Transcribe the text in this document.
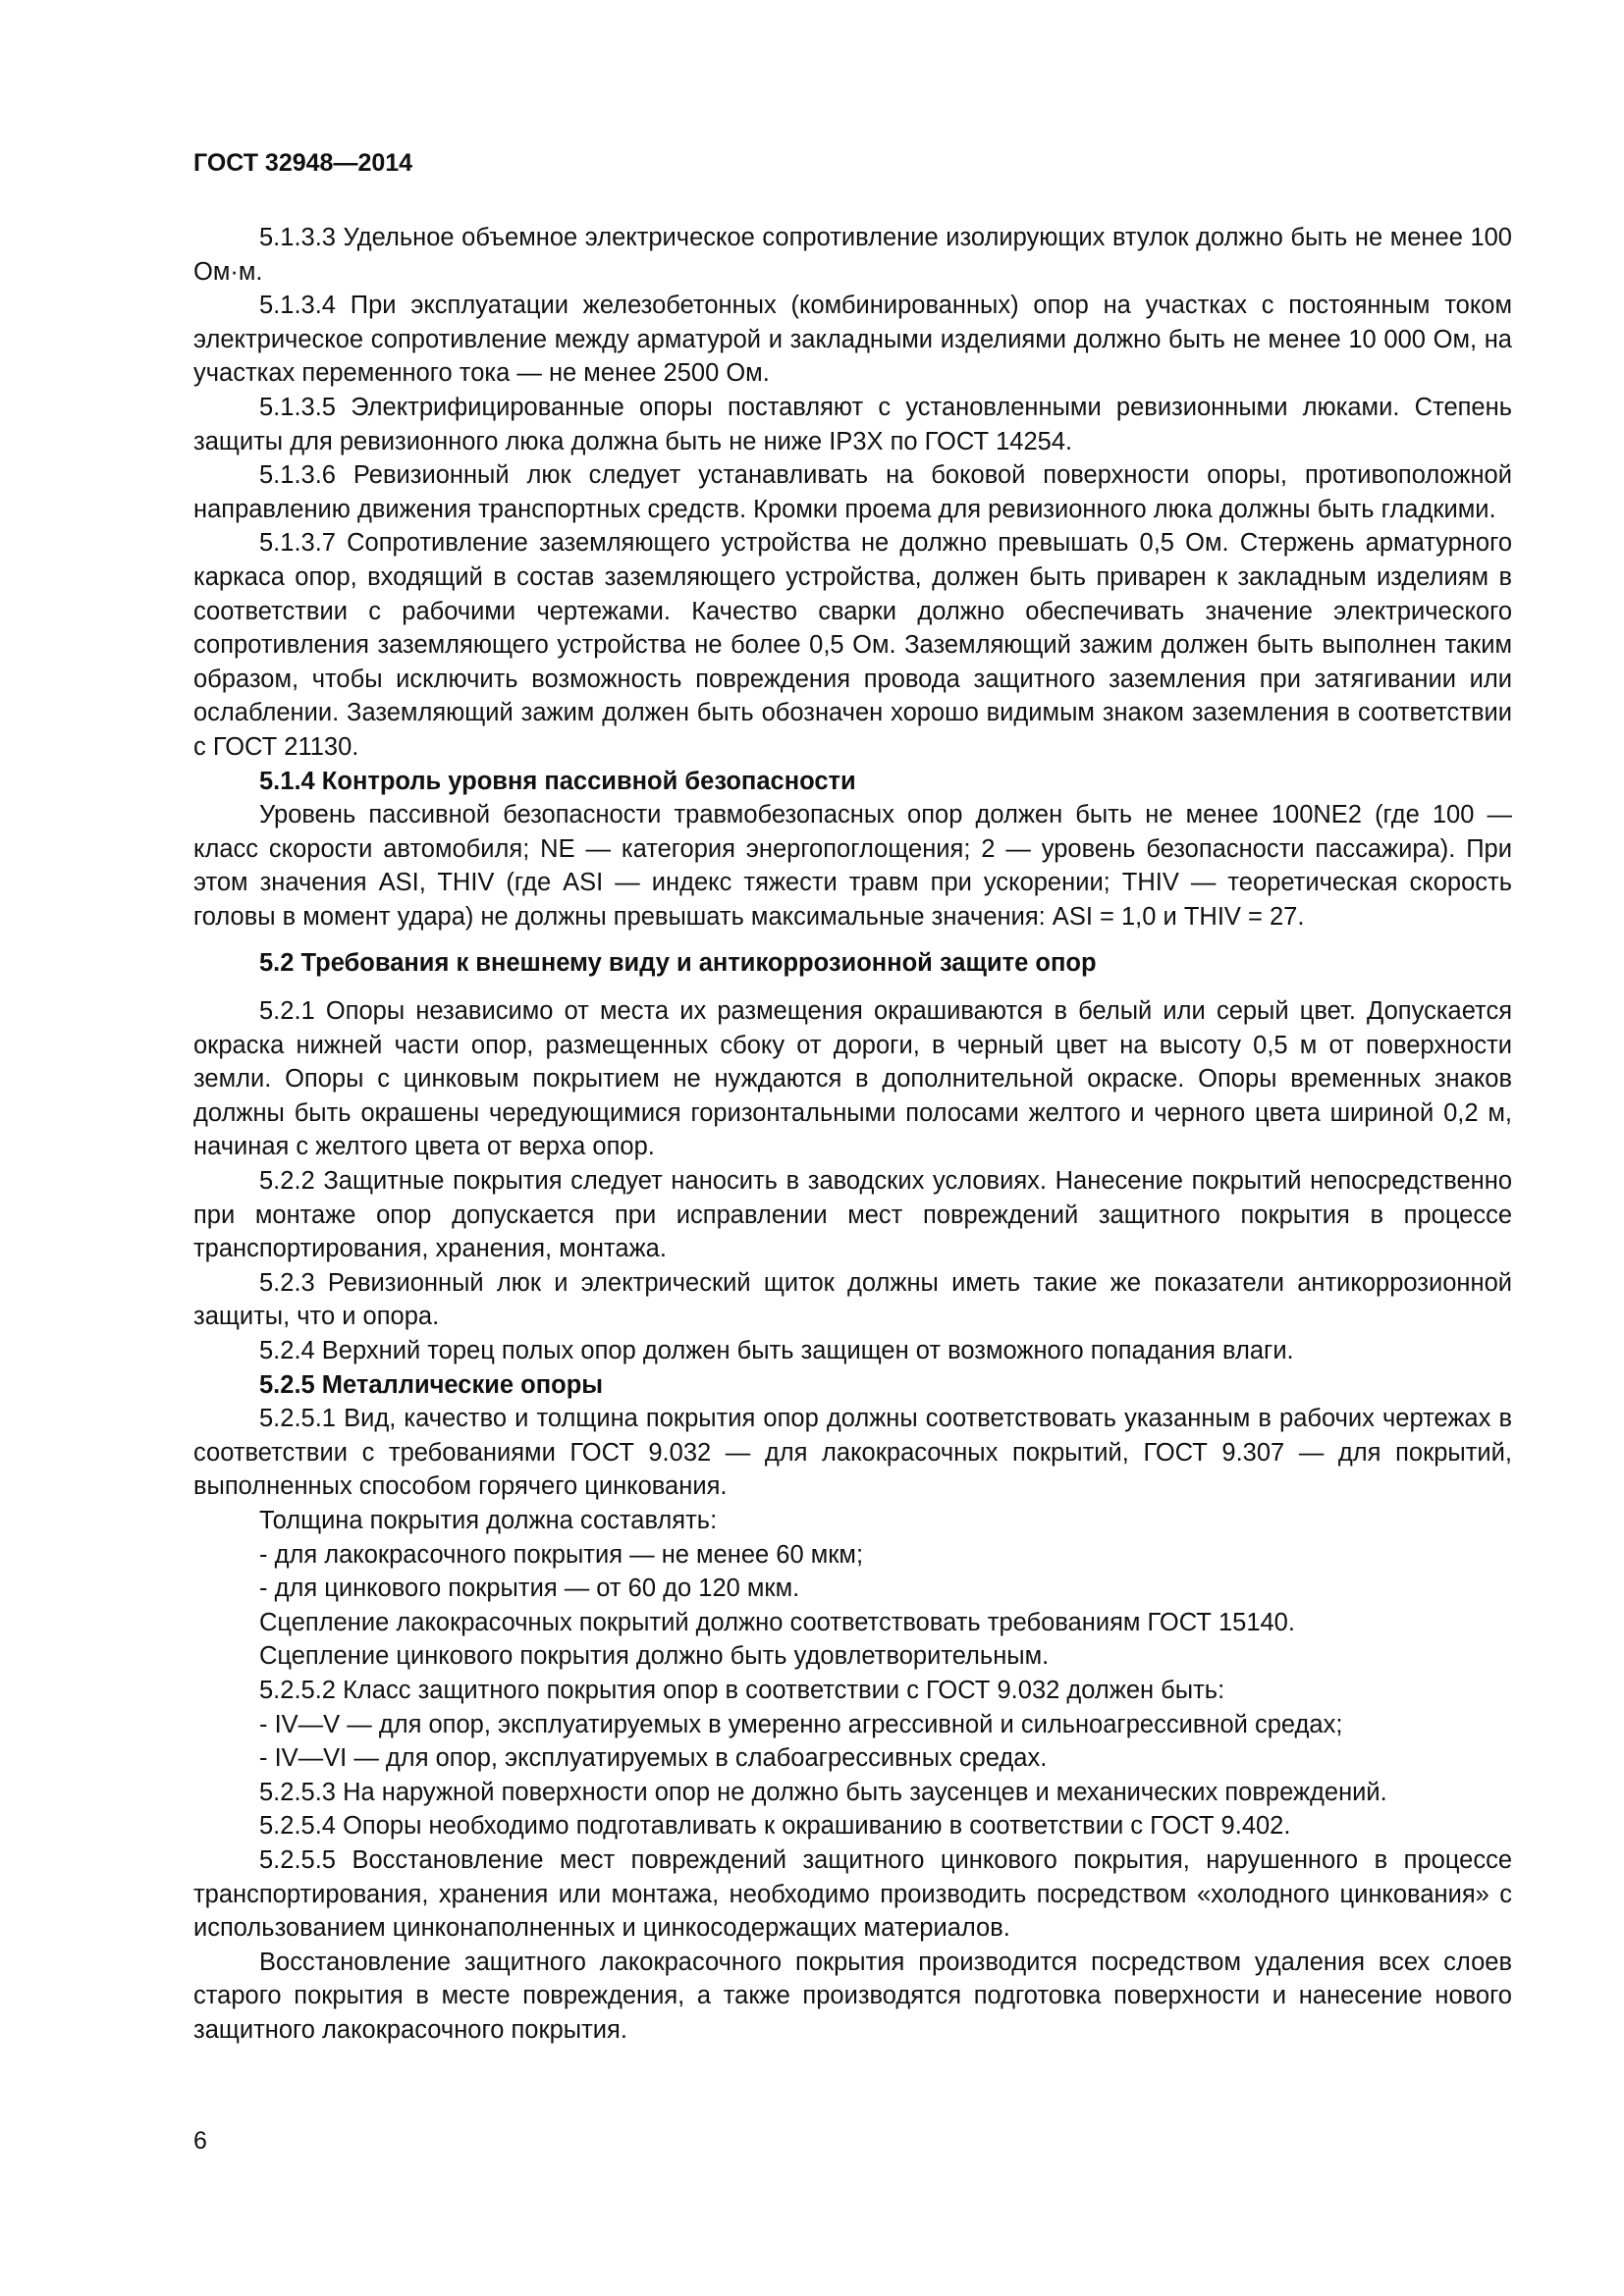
ГОСТ 32948—2014

5.1.3.3 Удельное объемное электрическое сопротивление изолирующих втулок должно быть не менее 100 Ом·м.

5.1.3.4 При эксплуатации железобетонных (комбинированных) опор на участках с постоянным током электрическое сопротивление между арматурой и закладными изделиями должно быть не менее 10 000 Ом, на участках переменного тока — не менее 2500 Ом.

5.1.3.5 Электрифицированные опоры поставляют с установленными ревизионными люками. Степень защиты для ревизионного люка должна быть не ниже IP3X по ГОСТ 14254.

5.1.3.6 Ревизионный люк следует устанавливать на боковой поверхности опоры, противоположной направлению движения транспортных средств. Кромки проема для ревизионного люка должны быть гладкими.

5.1.3.7 Сопротивление заземляющего устройства не должно превышать 0,5 Ом. Стержень арматурного каркаса опор, входящий в состав заземляющего устройства, должен быть приварен к закладным изделиям в соответствии с рабочими чертежами. Качество сварки должно обеспечивать значение электрического сопротивления заземляющего устройства не более 0,5 Ом. Заземляющий зажим должен быть выполнен таким образом, чтобы исключить возможность повреждения провода защитного заземления при затягивании или ослаблении. Заземляющий зажим должен быть обозначен хорошо видимым знаком заземления в соответствии с ГОСТ 21130.

5.1.4 Контроль уровня пассивной безопасности

Уровень пассивной безопасности травмобезопасных опор должен быть не менее 100NE2 (где 100 — класс скорости автомобиля; NE — категория энергопоглощения; 2 — уровень безопасности пассажира). При этом значения ASI, THIV (где ASI — индекс тяжести травм при ускорении; THIV — теоретическая скорость головы в момент удара) не должны превышать максимальные значения: ASI = 1,0 и THIV = 27.

5.2 Требования к внешнему виду и антикоррозионной защите опор

5.2.1 Опоры независимо от места их размещения окрашиваются в белый или серый цвет. Допускается окраска нижней части опор, размещенных сбоку от дороги, в черный цвет на высоту 0,5 м от поверхности земли. Опоры с цинковым покрытием не нуждаются в дополнительной окраске. Опоры временных знаков должны быть окрашены чередующимися горизонтальными полосами желтого и черного цвета шириной 0,2 м, начиная с желтого цвета от верха опор.

5.2.2 Защитные покрытия следует наносить в заводских условиях. Нанесение покрытий непосредственно при монтаже опор допускается при исправлении мест повреждений защитного покрытия в процессе транспортирования, хранения, монтажа.

5.2.3 Ревизионный люк и электрический щиток должны иметь такие же показатели антикоррозионной защиты, что и опора.

5.2.4 Верхний торец полых опор должен быть защищен от возможного попадания влаги.

5.2.5 Металлические опоры

5.2.5.1 Вид, качество и толщина покрытия опор должны соответствовать указанным в рабочих чертежах в соответствии с требованиями ГОСТ 9.032 — для лакокрасочных покрытий, ГОСТ 9.307 — для покрытий, выполненных способом горячего цинкования.

Толщина покрытия должна составлять:

- для лакокрасочного покрытия — не менее 60 мкм;

- для цинкового покрытия — от 60 до 120 мкм.

Сцепление лакокрасочных покрытий должно соответствовать требованиям ГОСТ 15140.

Сцепление цинкового покрытия должно быть удовлетворительным.

5.2.5.2 Класс защитного покрытия опор в соответствии с ГОСТ 9.032 должен быть:

- IV—V — для опор, эксплуатируемых в умеренно агрессивной и сильноагрессивной средах;

- IV—VI — для опор, эксплуатируемых в слабоагрессивных средах.

5.2.5.3 На наружной поверхности опор не должно быть заусенцев и механических повреждений.

5.2.5.4 Опоры необходимо подготавливать к окрашиванию в соответствии с ГОСТ 9.402.

5.2.5.5 Восстановление мест повреждений защитного цинкового покрытия, нарушенного в процессе транспортирования, хранения или монтажа, необходимо производить посредством «холодного цинкования» с использованием цинконаполненных и цинкосодержащих материалов.

Восстановление защитного лакокрасочного покрытия производится посредством удаления всех слоев старого покрытия в месте повреждения, а также производятся подготовка поверхности и нанесение нового защитного лакокрасочного покрытия.

6
